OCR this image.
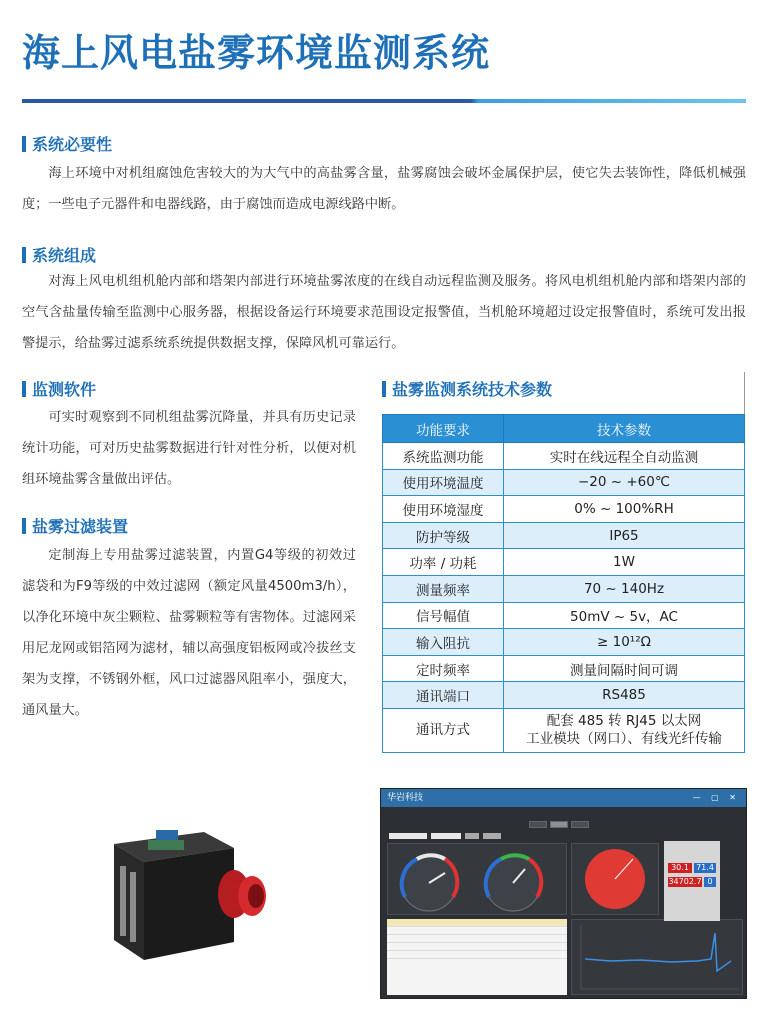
海上风电盐雾环境监测系统
系统必要性

海上环境中对机组腐蚀危害较大的为大气中的高盐雾含量，盐雾腐蚀会破坏金属保护层，使它失去装饰性，降低机械强度；一些电子元器件和电器线路，由于腐蚀而造成电源线路中断。

系统组成

对海上风电机组机舱内部和塔架内部进行环境盐雾浓度的在线自动远程监测及服务。将风电机组机舱内部和塔架内部的空气含盐量传输至监测中心服务器，根据设备运行环境要求范围设定报警值，当机舱环境超过设定报警值时，系统可发出报警提示，给盐雾过滤系统系统提供数据支撑，保障风机可靠运行。

监测软件

可实时观察到不同机组盐雾沉降量，并具有历史记录统计功能，可对历史盐雾数据进行针对性分析，以便对机组环境盐雾含量做出评估。

盐雾过滤装置

定制海上专用盐雾过滤装置，内置G4等级的初效过滤袋和为F9等级的中效过滤网（额定风量4500m3/h），以净化环境中灰尘颗粒、盐雾颗粒等有害物体。过滤网采用尼龙网或铝箔网为滤材，辅以高强度铝板网或冷拔丝支架为支撑，不锈钢外框，风口过滤器风阻率小，强度大，通风量大。

盐雾监测系统技术参数
功能要求	技术参数
系统监测功能	实时在线远程全自动监测
使用环境温度	−20 ~ +60℃
使用环境湿度	0% ~ 100%RH
防护等级	IP65
功率 / 功耗	1W
测量频率	70 ~ 140Hz
信号幅值	50mV ~ 5v，AC
输入阻抗	≥ 10¹²Ω
定时频率	测量间隔时间可调
通讯端口	RS485
通讯方式	配套 485 转 RJ45 以太网
工业模块（网口）、有线光纤传输
华岩科技	— ▢ ✕
30.1 71.4
34702.7 0
